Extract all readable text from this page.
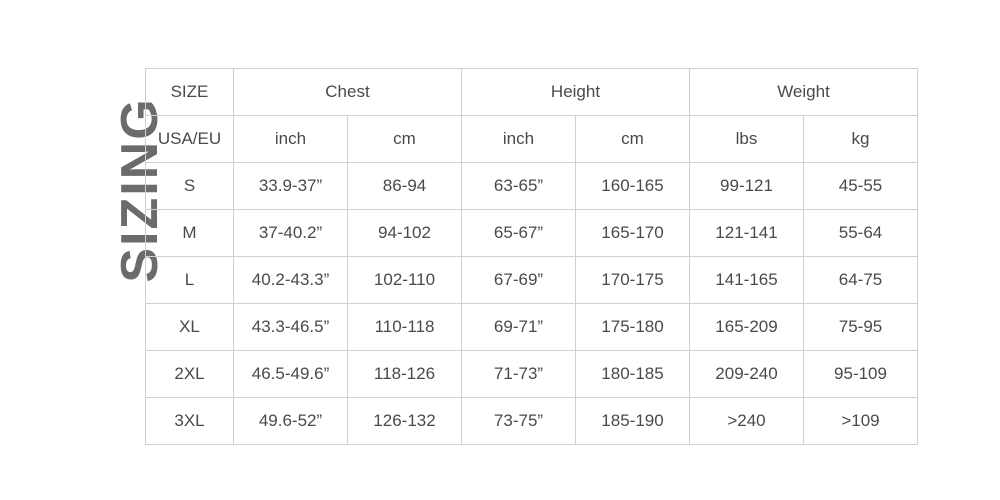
SIZING
SIZE	Chest		Height		Weight	
USA/EU	inch	cm	inch	cm	lbs	kg
S	33.9-37”	86-94	63-65”	160-165	99-121	45-55
M	37-40.2”	94-102	65-67”	165-170	121-141	55-64
L	40.2-43.3”	102-110	67-69”	170-175	141-165	64-75
XL	43.3-46.5”	110-118	69-71”	175-180	165-209	75-95
2XL	46.5-49.6”	118-126	71-73”	180-185	209-240	95-109
3XL	49.6-52”	126-132	73-75”	185-190	>240	>109
